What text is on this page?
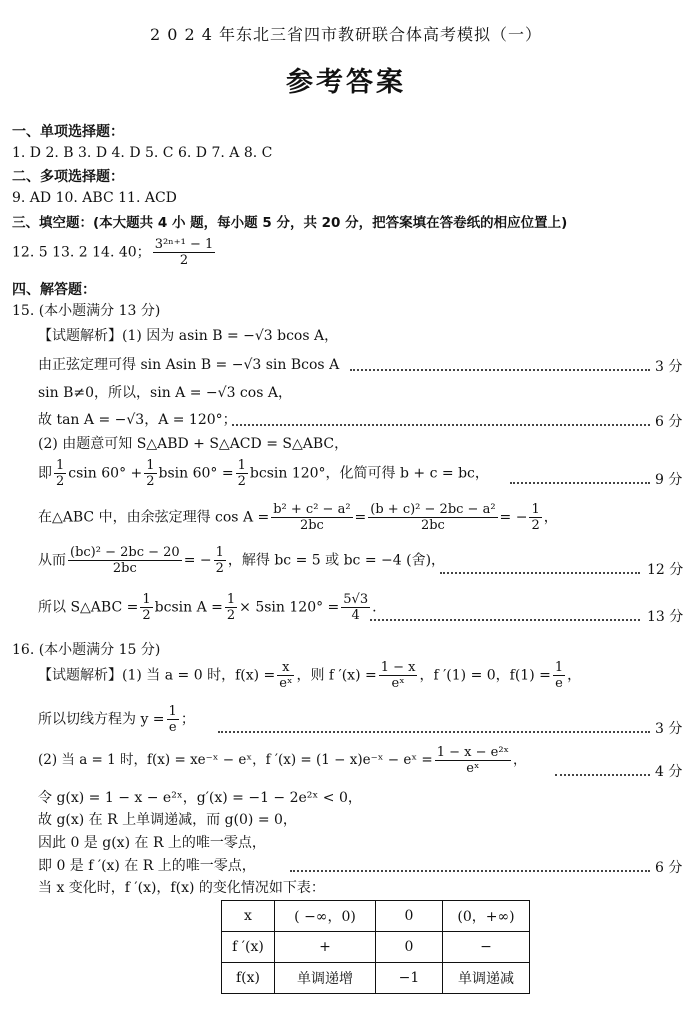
2 0 2 4 年东北三省四市教研联合体高考模拟（一）
参考答案
一、单项选择题：
1. D 2. B 3. D 4. D 5. C 6. D 7. A 8. C
二、多项选择题：
9. AD 10. ABC 11. ACD
三、填空题：(本大题共 4 小 题，每小题 5 分，共 20 分，把答案填在答卷纸的相应位置上)
12. 5 13. 2 14. 40； $\frac{\text{3²ⁿ⁺¹ − 1}}{2}$
四、解答题：
15. (本小题满分 13 分)
【试题解析】(1) 因为 asin B = −√3 bcos A，
由正弦定理可得 sin Asin B = −√3 sin Bcos A	3 分
sin B≠0，所以，sin A = −√3 cos A，
故 tan A = −√3，A = 120°；	6 分
(2) 由题意可知 S△ABD + S△ACD = S△ABC，
即 $\frac{1}{2}$ csin $60^\circ + \frac{1}{2}$ bsin $60^\circ = \frac{1}{2}$ bcsin 120°，化简可得 b + c = bc，	9 分
在△ABC 中，由余弦定理得 $\cos A = \frac{\text{b² + c² − a²}}{2bc} = \frac{\text{(b + c)² − 2bc − a²}}{2bc}$ = − $\frac{1}{2}$ ，
从而 $\frac{\text{(bc)² − 2bc − 20}}{2bc}$ = − $\frac{1}{2}$ ，解得 bc = 5 或 bc = −4 (舍)，
12 分
所以 S△ABC = $\frac{1}{2}$ bcsin $A = \frac{1}{2} \times 5\sin$ $120^\circ = \frac{5√3}{4}$ .
13 分
16. (本小题满分 15 分)
【试题解析】(1) 当 a = 0 时，$f(x) = \frac{x}{\text{eˣ}}$ ，则 f $'(x) = \frac{1 - x}{\text{eˣ}}$ ，f ′(1) = 0，$f(1) = \frac{1}{e}$ ，
所以切线方程为 $y = \frac{1}{e}$ ；
3 分
(2) 当 a = 1 时，f(x) = xe⁻ˣ − eˣ，f ′(x) = (1 − x)e⁻ˣ − eˣ = $\frac{\text{1 − x − e²ˣ}}{\text{eˣ}}$ ，
4 分
令 g(x) = 1 − x − e²ˣ，g′(x) = −1 − 2e²ˣ < 0，
故 g(x) 在 R 上单调递减，而 g(0) = 0，
因此 0 是 g(x) 在 R 上的唯一零点，
即 0 是 f ′(x) 在 R 上的唯一零点，	6 分
当 x 变化时，f ′(x)，f(x) 的变化情况如下表：
x	( −∞，0)	0	(0，+∞)
f ′(x)	+	0	−
f(x)	单调递增	−1	单调递减
